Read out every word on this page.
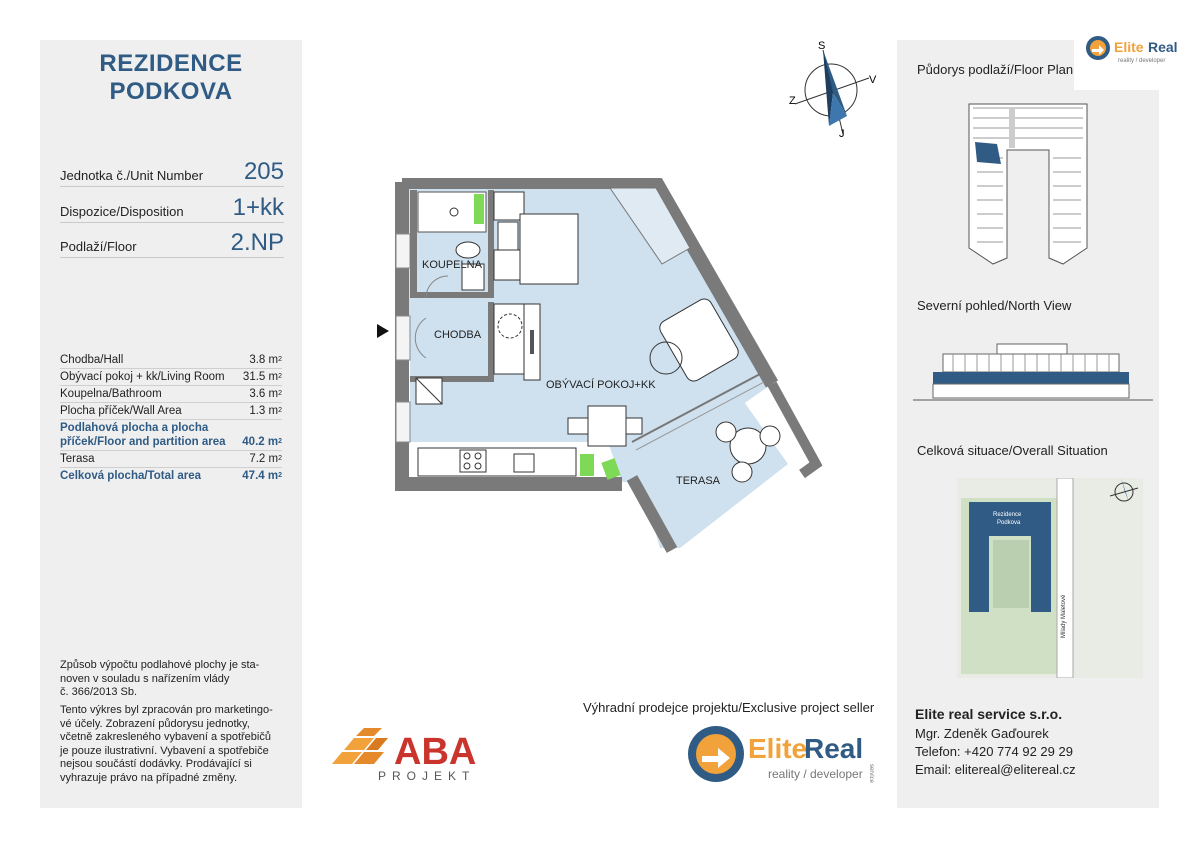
REZIDENCE
PODKOVA
Jednotka č./Unit Number 205
Dispozice/Disposition 1+kk
Podlaží/Floor	2.NP
Chodba/Hall	3.8 $m^2$
Obývací pokoj + kk/Living Room 31.5 $m^2$
Koupelna/Bathroom	3.6 $m^2$
Plocha příček/Wall Area	1.3 $m^2$
Podlahová plocha a plocha
příček/Floor and partition area 40.2 $m^2$
Terasa	7.2 $m^2$
Celková plocha/Total area	47.4 $m^2$
Způsob výpočtu podlahové plochy je sta-
noven v souladu s nařízením vlády
č. 366/2013 Sb.
Tento výkres byl zpracován pro marketingo-
vé účely. Zobrazení půdorysu jednotky,
včetně zakresleného vybavení a spotřebičů
je pouze ilustrativní. Vybavení a spotřebiče
nejsou součástí dodávky. Prodávající si
vyhrazuje právo na případné změny.
S
V
Z
J
KOUPELNA
CHODBA
OBÝVACÍ POKOJ+KK
TERASA
ABA
PROJEKT
Výhradní prodejce projektu/Exclusive project seller
Elite
Real
reality / developer service
Půdorys podlaží/Floor Plan
Severní pohled/North View
Celková situace/Overall Situation
Rezidence
Podkova
Milady Maletové
Elite real service s.r.o.
Mgr. Zdeněk Gaďourek
Telefon: +420 774 92 29 29
Email: elitereal@elitereal.cz
Elite Real
reality / developer
